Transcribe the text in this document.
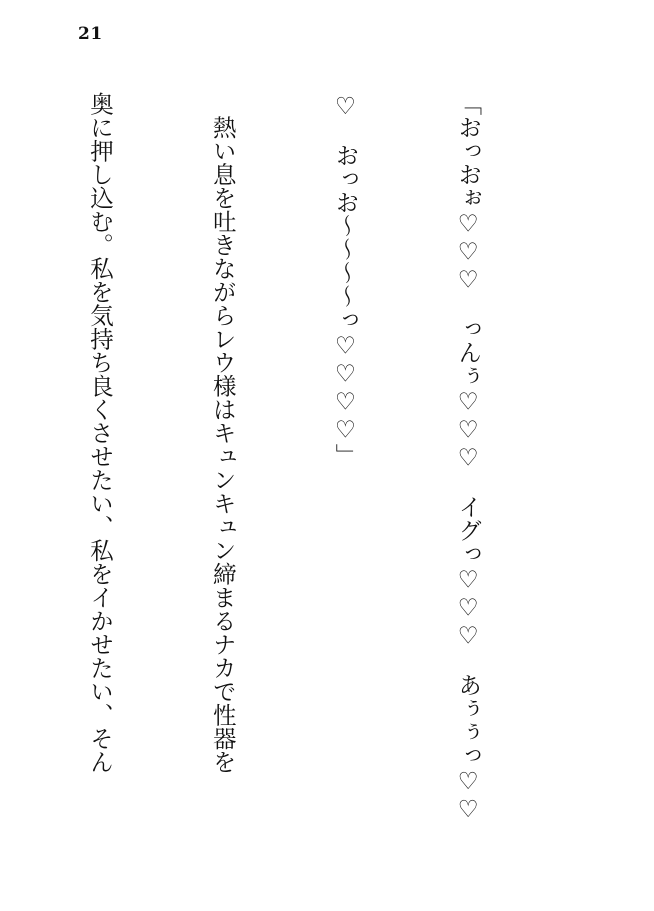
21

「おっおぉ♡♡♡　っんぅ♡♡♡　イグっ♡♡♡　あぅぅっ♡♡

♡　おっお～～～～っ♡♡♡♡」

　熱い息を吐きながらレウ様はキュンキュン締まるナカで性器を

奥に押し込む。私を気持ち良くさせたい、私をイかせたい、そん
